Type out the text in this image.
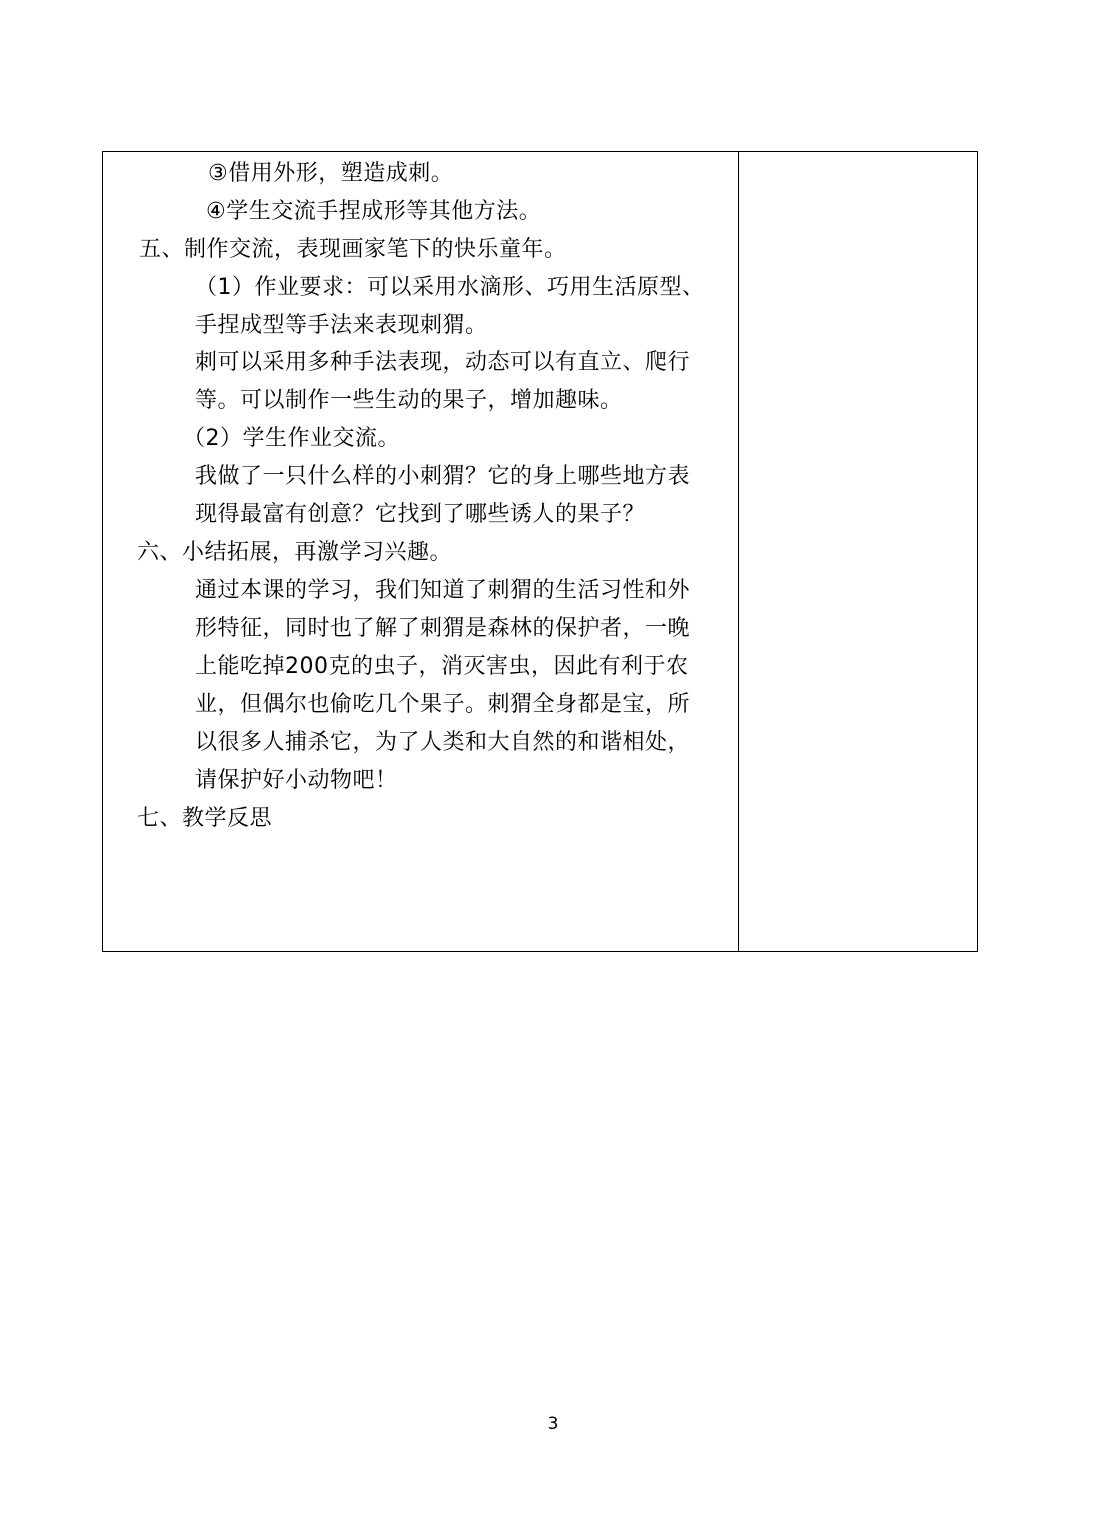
③借用外形，塑造成刺。
④学生交流手捏成形等其他方法。
五、制作交流，表现画家笔下的快乐童年。
（1）作业要求：可以采用水滴形、巧用生活原型、
手捏成型等手法来表现刺猬。
刺可以采用多种手法表现，动态可以有直立、爬行
等。可以制作一些生动的果子，增加趣味。
（2）学生作业交流。
我做了一只什么样的小刺猬？它的身上哪些地方表
现得最富有创意？它找到了哪些诱人的果子？
六、小结拓展，再激学习兴趣。
通过本课的学习，我们知道了刺猬的生活习性和外
形特征，同时也了解了刺猬是森林的保护者，一晚
上能吃掉200克的虫子，消灭害虫，因此有利于农
业，但偶尔也偷吃几个果子。刺猬全身都是宝，所
以很多人捕杀它，为了人类和大自然的和谐相处，
请保护好小动物吧！
七、教学反思
3
